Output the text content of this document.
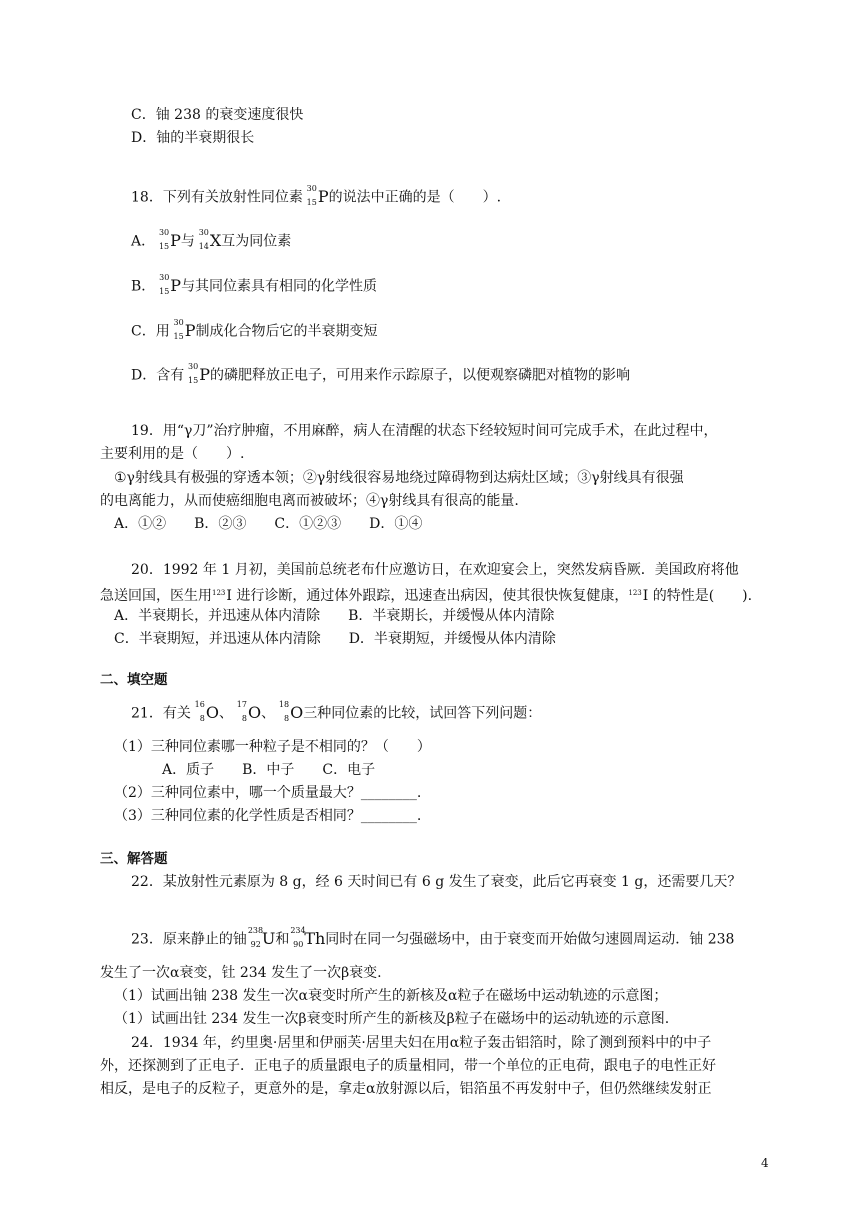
C．铀 238 的衰变速度很快
D．铀的半衰期很长
18．下列有关放射性同位素
30
15 P的说法中正确的是（　　）.
A．
30
15 P与
30
14 X互为同位素
B．
30
15 P与其同位素具有相同的化学性质
C．用
30
15 P制成化合物后它的半衰期变短
D．含有
30
15 P的磷肥释放正电子，可用来作示踪原子，以便观察磷肥对植物的影响
19．用“γ刀”治疗肿瘤，不用麻醉，病人在清醒的状态下经较短时间可完成手术，在此过程中，
主要利用的是（　　）.
①γ射线具有极强的穿透本领；②γ射线很容易地绕过障碍物到达病灶区域；③γ射线具有很强
的电离能力，从而使癌细胞电离而被破坏；④γ射线具有很高的能量.
A．①②　　B．②③　　C．①②③　　D．①④
20．1992 年 1 月初，美国前总统老布什应邀访日，在欢迎宴会上，突然发病昏厥．美国政府将他
急送回国，医生用$^{123}$I 进行诊断，通过体外跟踪，迅速查出病因，使其很快恢复健康，$^{123}$I 的特性是(　　).
A．半衰期长，并迅速从体内清除　　B．半衰期长，并缓慢从体内清除
C．半衰期短，并迅速从体内清除　　D．半衰期短，并缓慢从体内清除
二、填空题
21．有关
16
8 O、
17
8 O、
18
8 O三种同位素的比较，试回答下列问题：
（1）三种同位素哪一种粒子是不相同的？（　　）
A．质子　　B．中子　　C．电子
（2）三种同位素中，哪一个质量最大？________.
（3）三种同位素的化学性质是否相同？________.
三、解答题
22．某放射性元素原为 8 g，经 6 天时间已有 6 g 发生了衰变，此后它再衰变 1 g，还需要几天？
23．原来静止的铀
238
92 U和
234
90 Th同时在同一匀强磁场中，由于衰变而开始做匀速圆周运动．铀 238
发生了一次α衰变，钍 234 发生了一次β衰变.
（1）试画出铀 238 发生一次α衰变时所产生的新核及α粒子在磁场中运动轨迹的示意图；
（1）试画出钍 234 发生一次β衰变时所产生的新核及β粒子在磁场中的运动轨迹的示意图.
24．1934 年，约里奥·居里和伊丽芙·居里夫妇在用α粒子轰击铝箔时，除了测到预料中的中子
外，还探测到了正电子．正电子的质量跟电子的质量相同，带一个单位的正电荷，跟电子的电性正好
相反，是电子的反粒子，更意外的是，拿走α放射源以后，铝箔虽不再发射中子，但仍然继续发射正
4
